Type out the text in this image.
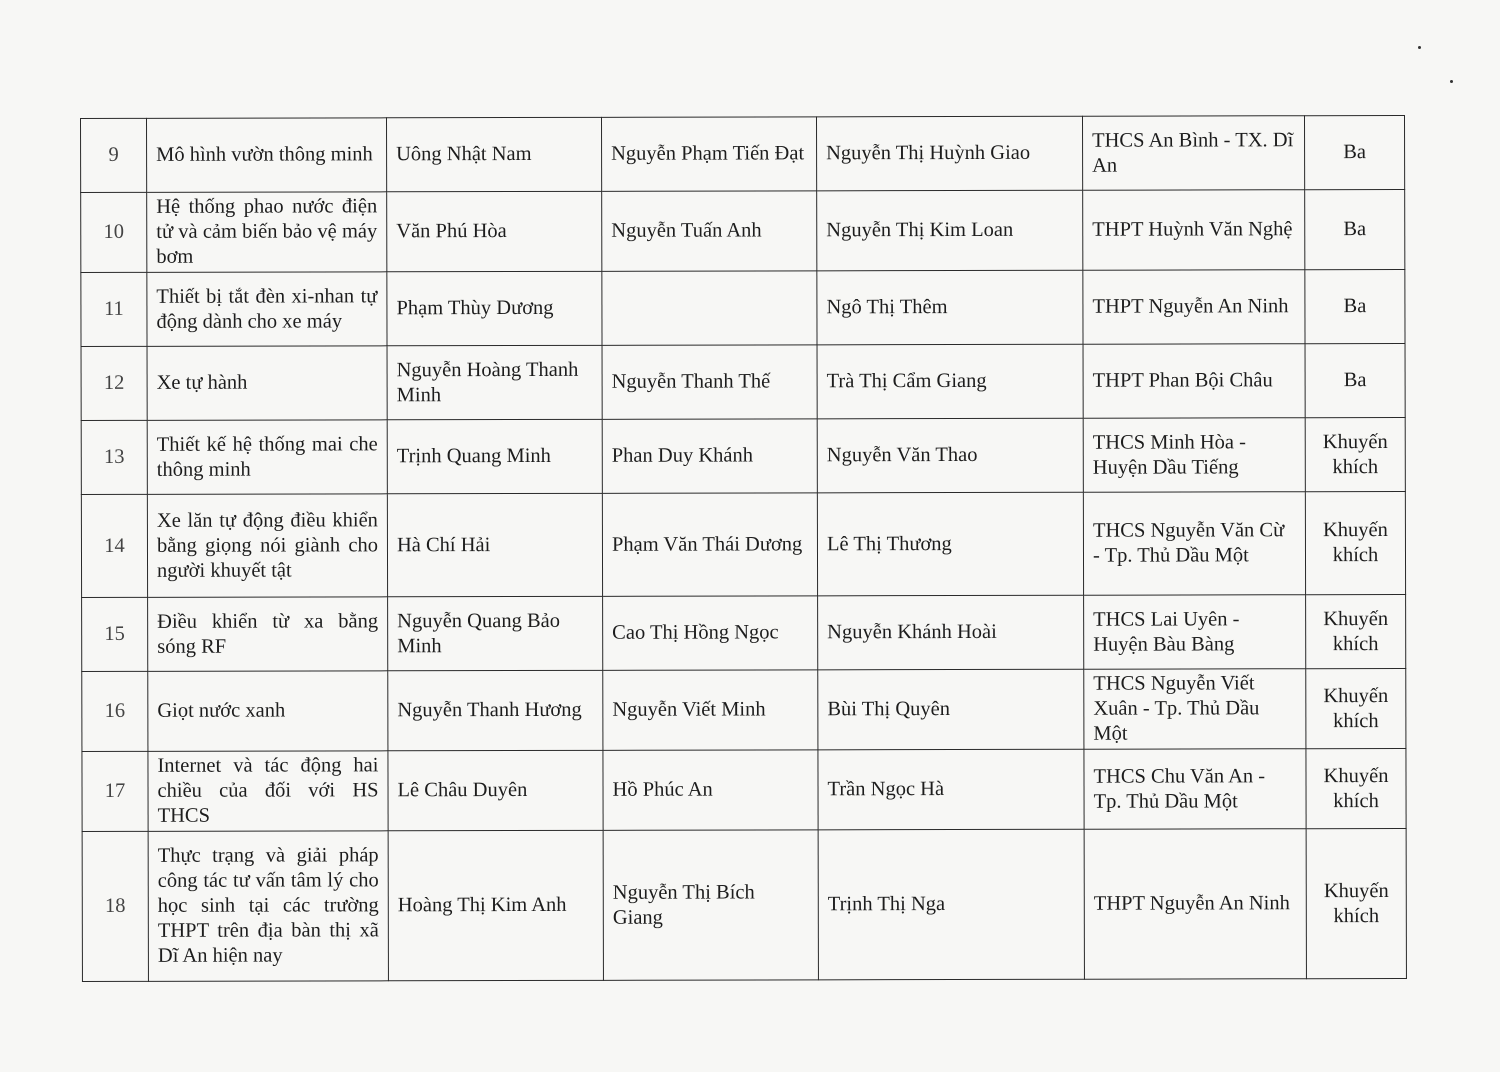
9	Mô hình vườn thông minh	Uông Nhật Nam	Nguyễn Phạm Tiến Đạt	Nguyễn Thị Huỳnh Giao	THCS An Bình - TX. Dĩ An	Ba
10	Hệ thống phao nước điện tử và cảm biến bảo vệ máy bơm	Văn Phú Hòa	Nguyễn Tuấn Anh	Nguyễn Thị Kim Loan	THPT Huỳnh Văn Nghệ	Ba
11	Thiết bị tắt đèn xi-nhan tự động dành cho xe máy	Phạm Thùy Dương		Ngô Thị Thêm	THPT Nguyễn An Ninh	Ba
12	Xe tự hành	Nguyễn Hoàng Thanh Minh	Nguyễn Thanh Thế	Trà Thị Cẩm Giang	THPT Phan Bội Châu	Ba
13	Thiết kế hệ thống mai che thông minh	Trịnh Quang Minh	Phan Duy Khánh	Nguyễn Văn Thao	THCS Minh Hòa - Huyện Dầu Tiếng	Khuyến khích
14	Xe lăn tự động điều khiển bằng giọng nói giành cho người khuyết tật	Hà Chí Hải	Phạm Văn Thái Dương	Lê Thị Thương	THCS Nguyễn Văn Cừ - Tp. Thủ Dầu Một	Khuyến khích
15	Điều khiển từ xa bằng sóng RF	Nguyễn Quang Bảo Minh	Cao Thị Hồng Ngọc	Nguyễn Khánh Hoài	THCS Lai Uyên - Huyện Bàu Bàng	Khuyến khích
16	Giọt nước xanh	Nguyễn Thanh Hương	Nguyễn Viết Minh	Bùi Thị Quyên	THCS Nguyễn Viết Xuân - Tp. Thủ Dầu Một	Khuyến khích
17	Internet và tác động hai chiều của đối với HS THCS	Lê Châu Duyên	Hồ Phúc An	Trần Ngọc Hà	THCS Chu Văn An - Tp. Thủ Dầu Một	Khuyến khích
18	Thực trạng và giải pháp công tác tư vấn tâm lý cho học sinh tại các trường THPT trên địa bàn thị xã Dĩ An hiện nay	Hoàng Thị Kim Anh	Nguyễn Thị Bích Giang	Trịnh Thị Nga	THPT Nguyễn An Ninh	Khuyến khích
